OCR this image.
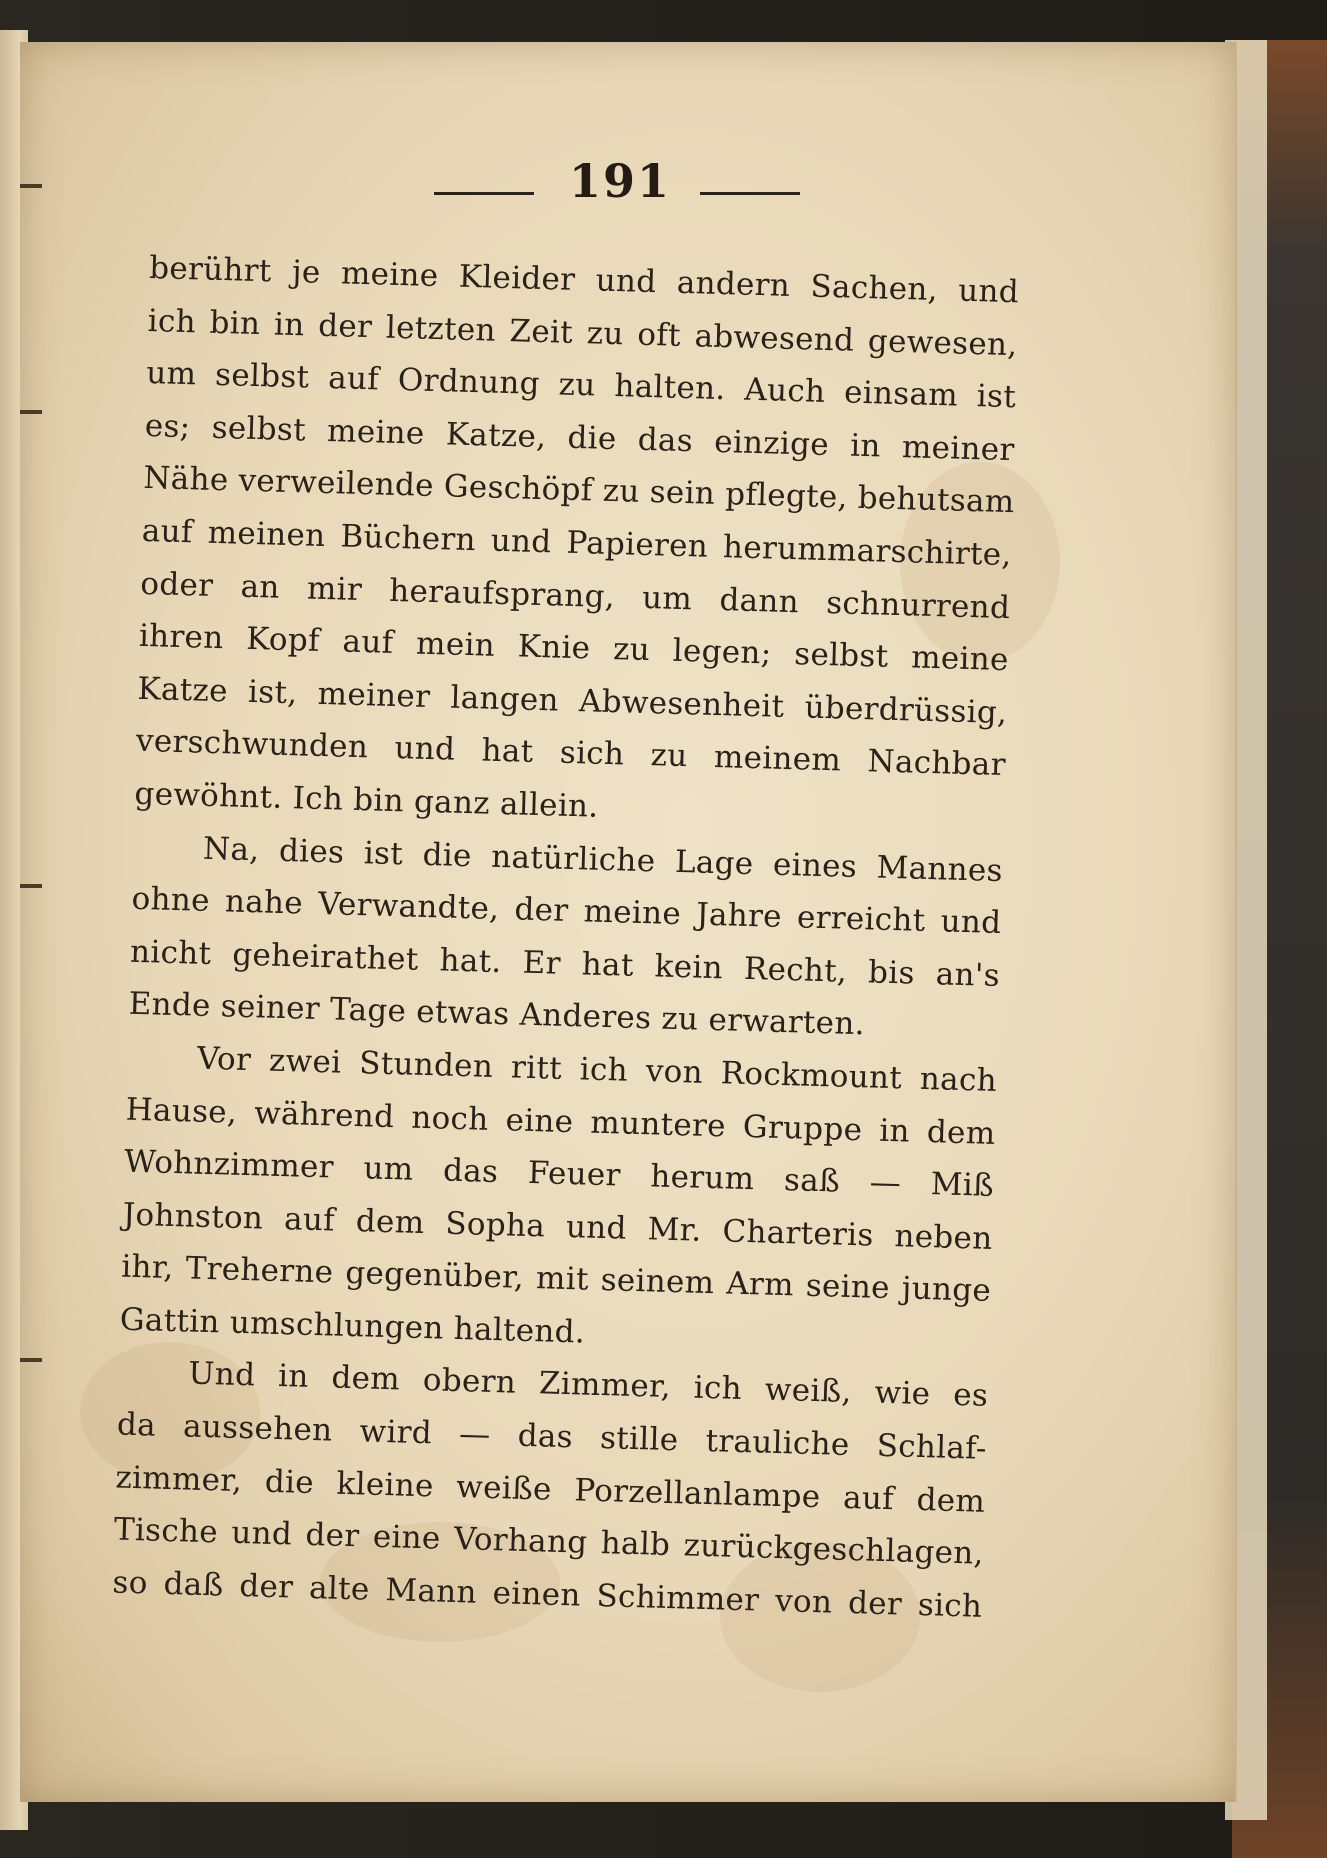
191
berührt je meine Kleider und andern Sachen, und
ich bin in der letzten Zeit zu oft abwesend gewesen,
um selbst auf Ordnung zu halten. Auch einsam ist
es; selbst meine Katze, die das einzige in meiner
Nähe verweilende Geschöpf zu sein pflegte, behutsam
auf meinen Büchern und Papieren herummarschirte,
oder an mir heraufsprang, um dann schnurrend
ihren Kopf auf mein Knie zu legen; selbst meine
Katze ist, meiner langen Abwesenheit überdrüssig,
verschwunden und hat sich zu meinem Nachbar
gewöhnt. Ich bin ganz allein.
Na, dies ist die natürliche Lage eines Mannes
ohne nahe Verwandte, der meine Jahre erreicht und
nicht geheirathet hat. Er hat kein Recht, bis an's
Ende seiner Tage etwas Anderes zu erwarten.
Vor zwei Stunden ritt ich von Rockmount nach
Hause, während noch eine muntere Gruppe in dem
Wohnzimmer um das Feuer herum saß — Miß
Johnston auf dem Sopha und Mr. Charteris neben
ihr, Treherne gegenüber, mit seinem Arm seine junge
Gattin umschlungen haltend.
Und in dem obern Zimmer, ich weiß, wie es
da aussehen wird — das stille trauliche Schlaf-
zimmer, die kleine weiße Porzellanlampe auf dem
Tische und der eine Vorhang halb zurückgeschlagen,
so daß der alte Mann einen Schimmer von der sich
